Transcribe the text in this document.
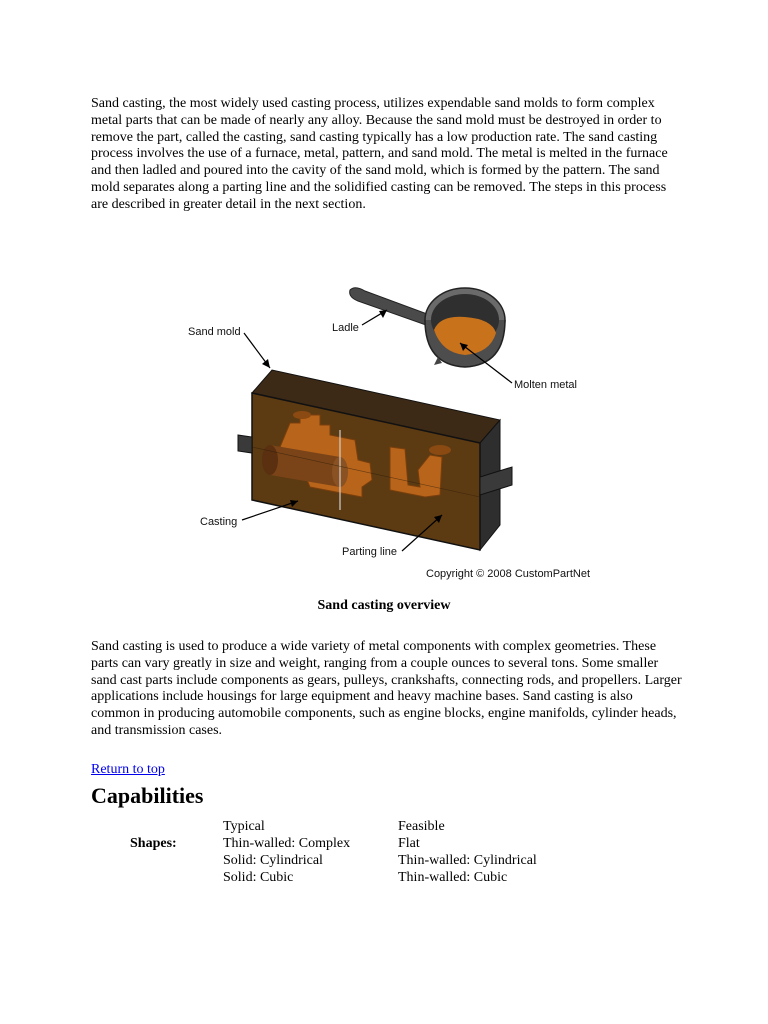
Sand casting, the most widely used casting process, utilizes expendable sand molds to form complex metal parts that can be made of nearly any alloy. Because the sand mold must be destroyed in order to remove the part, called the casting, sand casting typically has a low production rate. The sand casting process involves the use of a furnace, metal, pattern, and sand mold. The metal is melted in the furnace and then ladled and poured into the cavity of the sand mold, which is formed by the pattern. The sand mold separates along a parting line and the solidified casting can be removed. The steps in this process are described in greater detail in the next section.

Sand mold	Ladle
Molten metal
Casting
Parting line
Copyright © 2008 CustomPartNet
Sand casting overview

Sand casting is used to produce a wide variety of metal components with complex geometries. These parts can vary greatly in size and weight, ranging from a couple ounces to several tons. Some smaller sand cast parts include components as gears, pulleys, crankshafts, connecting rods, and propellers. Larger applications include housings for large equipment and heavy machine bases. Sand casting is also common in producing automobile components, such as engine blocks, engine manifolds, cylinder heads, and transmission cases.

Return to top
Capabilities
Typical	Feasible
Shapes:	Thin-walled: Complex	Flat
Solid: Cylindrical	Thin-walled: Cylindrical
Solid: Cubic	Thin-walled: Cubic
